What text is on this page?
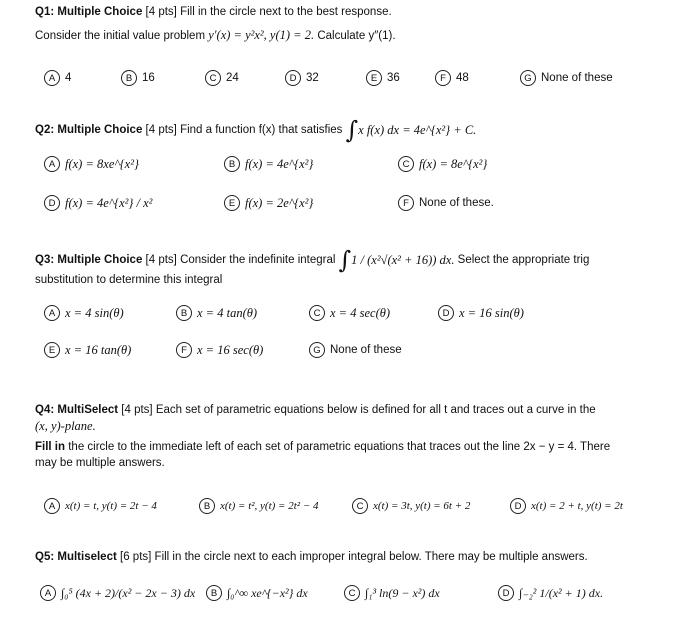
Q1: Multiple Choice [4 pts] Fill in the circle next to the best response.
Consider the initial value problem y′(x) = y²x², y(1) = 2. Calculate y″(1).
A 4	B 16	C 24	D 32	E 36	F 48	G None of these
Q2: Multiple Choice
[4 pts]
Find a function f(x) that satisfies
∫ x f(x) dx = 4e^{x²} + C.
A f(x) = 8xe^{x²}	B f(x) = 4e^{x²}	C f(x) = 8e^{x²}
D f(x) = 4e^{x²} / x²	E f(x) = 2e^{x²}	F None of these.
Q3: Multiple Choice
[4 pts]
Consider the indefinite integral
∫ 1 / (x²√(x² + 16)) dx.
Select the appropriate trig
substitution to determine this integral
A x = 4 sin(θ)	B x = 4 tan(θ)	C x = 4 sec(θ)	D x = 16 sin(θ)
E x = 16 tan(θ)	F x = 16 sec(θ)	G None of these
Q4: MultiSelect [4 pts] Each set of parametric equations below is defined for all t and traces out a curve in the
(x, y)-plane.
Fill in the circle to the immediate left of each set of parametric equations that traces out the line 2x − y = 4. There
may be multiple answers.
A x(t) = t, y(t) = 2t − 4	B x(t) = t², y(t) = 2t² − 4	C x(t) = 3t, y(t) = 6t + 2	D x(t) = 2 + t, y(t) = 2t
Q5: Multiselect [6 pts] Fill in the circle next to each improper integral below. There may be multiple answers.
A ∫₀⁵ (4x + 2)/(x² − 2x − 3) dx	B ∫₀^∞ xe^{−x²} dx	C ∫₁³ ln(9 − x²) dx	D ∫₋₂² 1/(x² + 1) dx.
